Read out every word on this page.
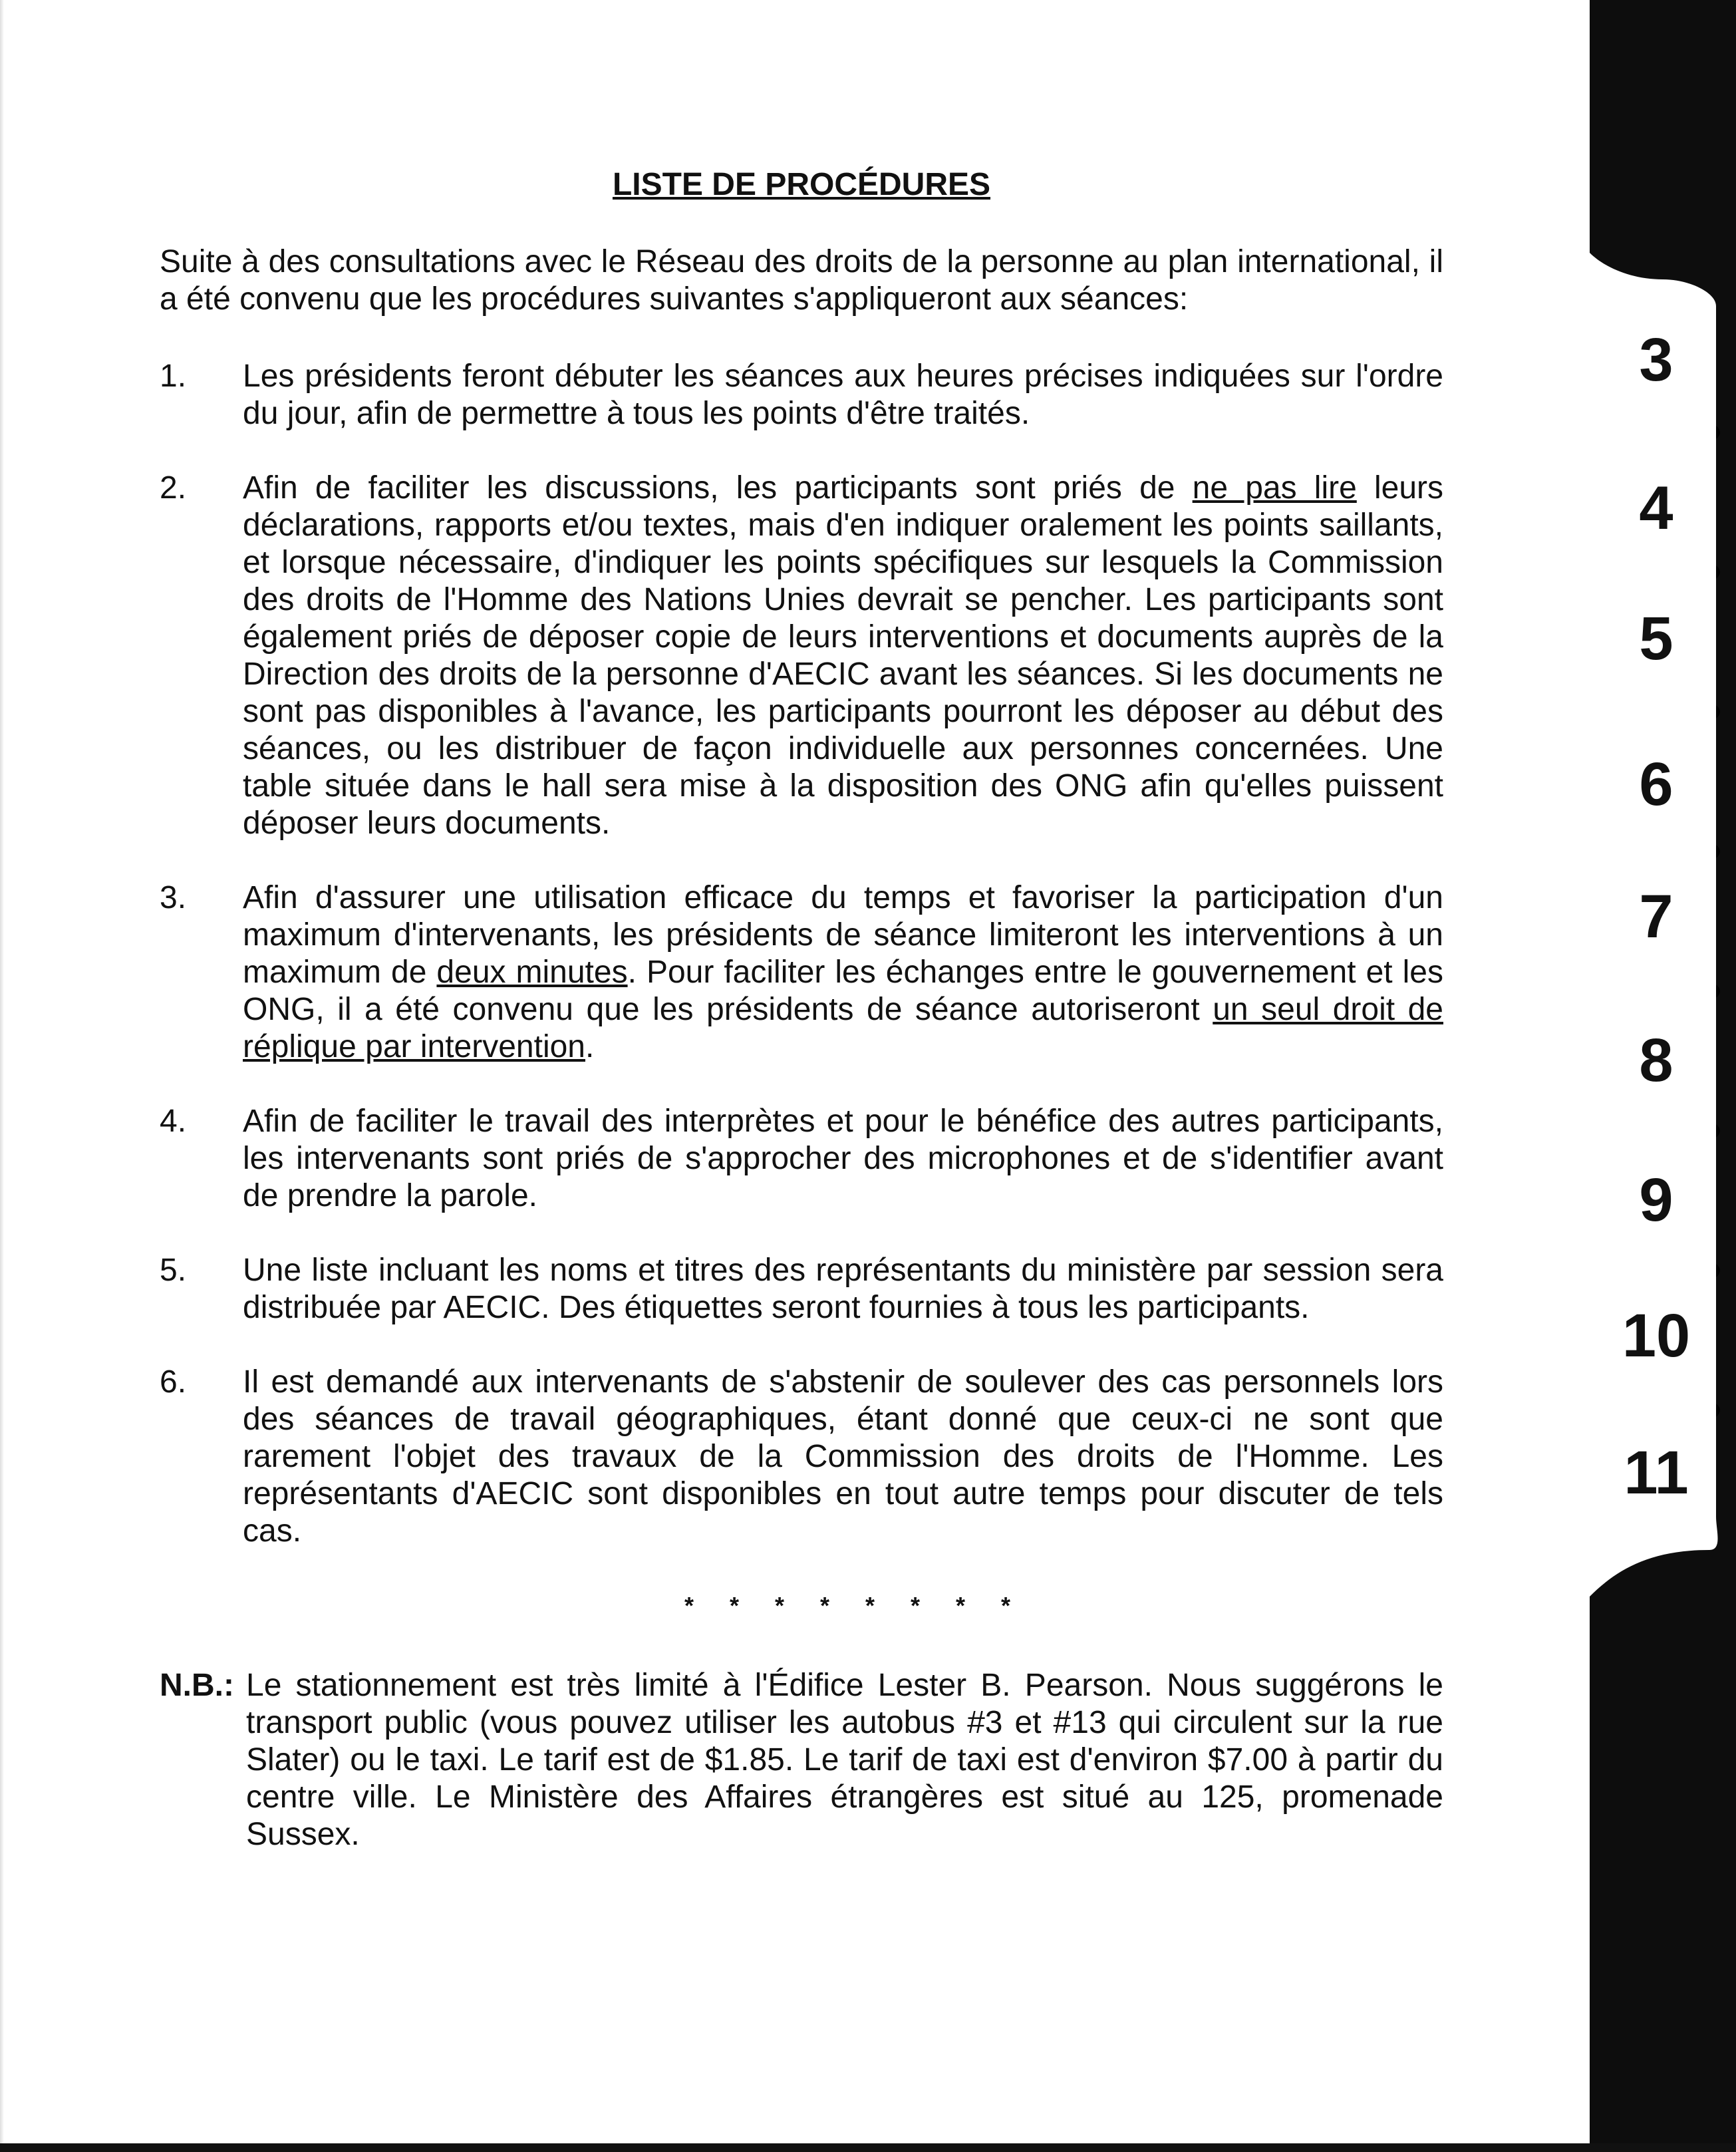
3
4
5
6
7
8
9
10
11
LISTE DE PROCÉDURES
Suite à des consultations avec le Réseau des droits de la personne au plan international, il a été convenu que les procédures suivantes s'appliqueront aux séances:
1.	Les présidents feront débuter les séances aux heures précises indiquées sur l'ordre du jour, afin de permettre à tous les points d'être traités.
2.	Afin de faciliter les discussions, les participants sont priés de ne pas lire leurs déclarations, rapports et/ou textes, mais d'en indiquer oralement les points saillants, et lorsque nécessaire, d'indiquer les points spécifiques sur lesquels la Commission des droits de l'Homme des Nations Unies devrait se pencher. Les participants sont également priés de déposer copie de leurs interventions et documents auprès de la Direction des droits de la personne d'AECIC avant les séances. Si les documents ne sont pas disponibles à l'avance, les participants pourront les déposer au début des séances, ou les distribuer de façon individuelle aux personnes concernées. Une table située dans le hall sera mise à la disposition des ONG afin qu'elles puissent déposer leurs documents.
3.	Afin d'assurer une utilisation efficace du temps et favoriser la participation d'un maximum d'intervenants, les présidents de séance limiteront les interventions à un maximum de deux minutes. Pour faciliter les échanges entre le gouvernement et les ONG, il a été convenu que les présidents de séance autoriseront un seul droit de réplique par intervention.
4.	Afin de faciliter le travail des interprètes et pour le bénéfice des autres participants, les intervenants sont priés de s'approcher des microphones et de s'identifier avant de prendre la parole.
5.	Une liste incluant les noms et titres des représentants du ministère par session sera distribuée par AECIC. Des étiquettes seront fournies à tous les participants.
6.	Il est demandé aux intervenants de s'abstenir de soulever des cas personnels lors des séances de travail géographiques, étant donné que ceux-ci ne sont que rarement l'objet des travaux de la Commission des droits de l'Homme. Les représentants d'AECIC sont disponibles en tout autre temps pour discuter de tels cas.
* * * * * * * *
N.B.: Le stationnement est très limité à l'Édifice Lester B. Pearson. Nous suggérons le transport public (vous pouvez utiliser les autobus #3 et #13 qui circulent sur la rue Slater) ou le taxi. Le tarif est de $1.85. Le tarif de taxi est d'environ $7.00 à partir du centre ville. Le Ministère des Affaires étrangères est situé au 125, promenade Sussex.
